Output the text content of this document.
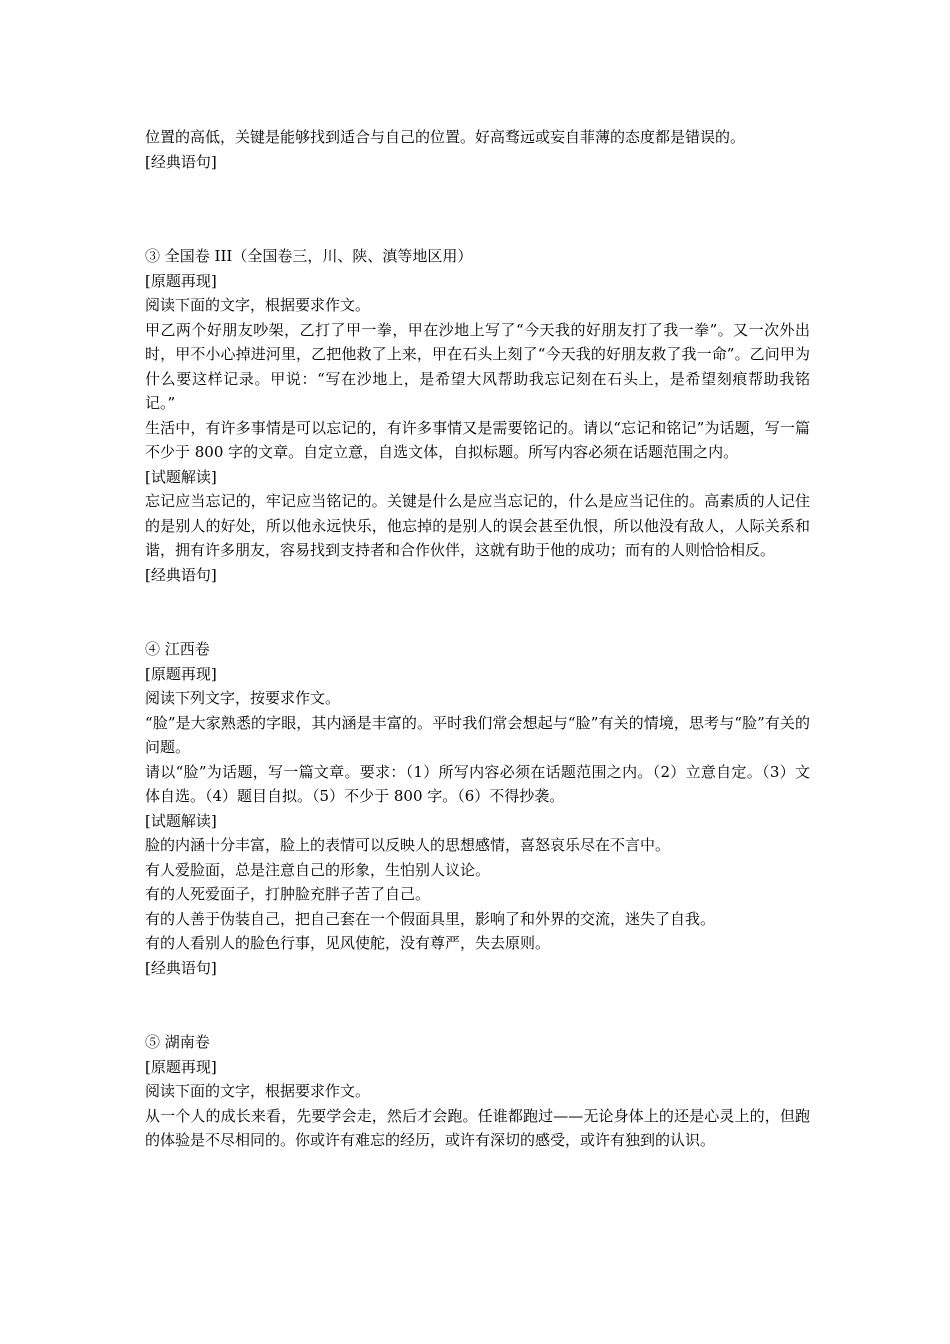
位置的高低，关键是能够找到适合与自己的位置。好高骛远或妄自菲薄的态度都是错误的。

[经典语句]

③ 全国卷 III（全国卷三，川、陕、滇等地区用）

[原题再现]

阅读下面的文字，根据要求作文。

甲乙两个好朋友吵架，乙打了甲一拳，甲在沙地上写了“今天我的好朋友打了我一拳”。又一次外出时，甲不小心掉进河里，乙把他救了上来，甲在石头上刻了“今天我的好朋友救了我一命”。乙问甲为什么要这样记录。甲说：“写在沙地上，是希望大风帮助我忘记刻在石头上，是希望刻痕帮助我铭记。”

生活中，有许多事情是可以忘记的，有许多事情又是需要铭记的。请以“忘记和铭记”为话题，写一篇不少于 800 字的文章。自定立意，自选文体，自拟标题。所写内容必须在话题范围之内。

[试题解读]

忘记应当忘记的，牢记应当铭记的。关键是什么是应当忘记的，什么是应当记住的。高素质的人记住的是别人的好处，所以他永远快乐，他忘掉的是别人的误会甚至仇恨，所以他没有敌人，人际关系和谐，拥有许多朋友，容易找到支持者和合作伙伴，这就有助于他的成功；而有的人则恰恰相反。

[经典语句]

④ 江西卷

[原题再现]

阅读下列文字，按要求作文。

“脸”是大家熟悉的字眼，其内涵是丰富的。平时我们常会想起与“脸”有关的情境，思考与“脸”有关的问题。

请以“脸”为话题，写一篇文章。要求：（1）所写内容必须在话题范围之内。（2）立意自定。（3）文体自选。（4）题目自拟。（5）不少于 800 字。（6）不得抄袭。

[试题解读]

脸的内涵十分丰富，脸上的表情可以反映人的思想感情，喜怒哀乐尽在不言中。

有人爱脸面，总是注意自己的形象，生怕别人议论。

有的人死爱面子，打肿脸充胖子苦了自己。

有的人善于伪装自己，把自己套在一个假面具里，影响了和外界的交流，迷失了自我。

有的人看别人的脸色行事，见风使舵，没有尊严，失去原则。

[经典语句]

⑤ 湖南卷

[原题再现]

阅读下面的文字，根据要求作文。

从一个人的成长来看，先要学会走，然后才会跑。任谁都跑过——无论身体上的还是心灵上的，但跑的体验是不尽相同的。你或许有难忘的经历，或许有深切的感受，或许有独到的认识。
